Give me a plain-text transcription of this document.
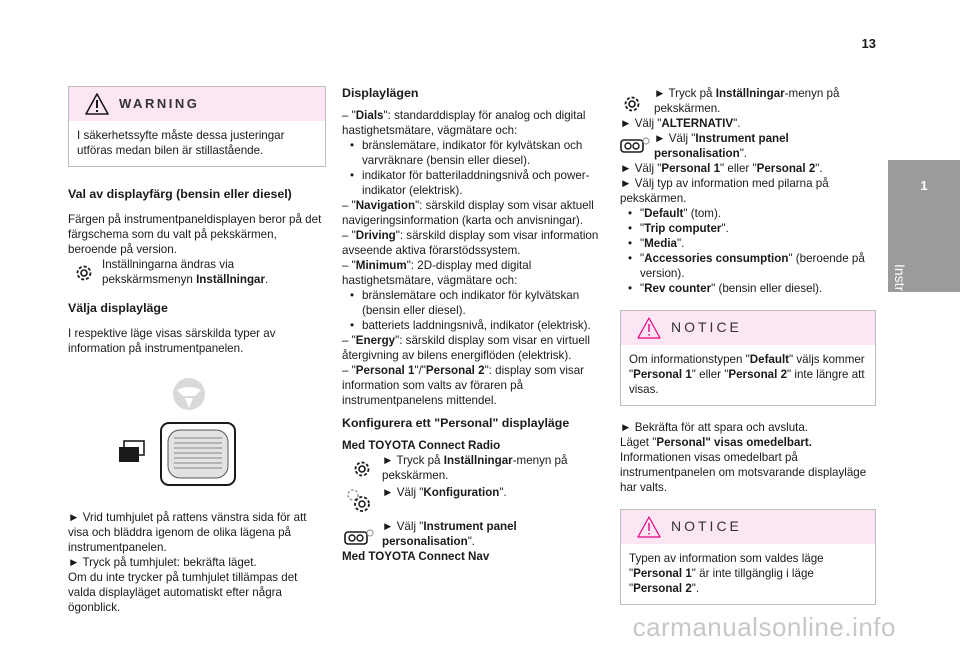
13
1
Instrument
WARNING
I säkerhetssyfte måste dessa justeringar utföras medan bilen är stillastående.
Val av displayfärg (bensin eller diesel)

Färgen på instrumentpaneldisplayen beror på det färgschema som du valt på pekskärmen, beroende på version.

Inställningarna ändras via pekskärmsmenyn Inställningar.

Välja displayläge

I respektive läge visas särskilda typer av information på instrumentpanelen.

► Vrid tumhjulet på rattens vänstra sida för att visa och bläddra igenom de olika lägena på instrumentpanelen.

► Tryck på tumhjulet: bekräfta läget.

Om du inte trycker på tumhjulet tillämpas det valda displayläget automatiskt efter några ögonblick.

Displaylägen

– "Dials": standarddisplay för analog och digital hastighetsmätare, vägmätare och:

• bränslemätare, indikator för kylvätskan och varvräknare (bensin eller diesel).
• indikator för batteriladdningsnivå och power-indikator (elektrisk).

– "Navigation": särskild display som visar aktuell navigeringsinformation (karta och anvisningar).

– "Driving": särskild display som visar information avseende aktiva förarstödssystem.

– "Minimum": 2D-display med digital hastighetsmätare, vägmätare och:

• bränslemätare och indikator för kylvätskan (bensin eller diesel).
• batteriets laddningsnivå, indikator (elektrisk).

– "Energy": särskild display som visar en virtuell återgivning av bilens energiflöden (elektrisk).

– "Personal 1"/"Personal 2": display som visar information som valts av föraren på instrumentpanelens mittendel.

Konfigurera ett "Personal" displayläge

Med TOYOTA Connect Radio

► Tryck på Inställningar-menyn på pekskärmen.

► Välj "Konfiguration".

► Välj "Instrument panel personalisation".

Med TOYOTA Connect Nav

► Tryck på Inställningar-menyn på pekskärmen.

► Välj "ALTERNATIV".

► Välj "Instrument panel personalisation".

► Välj "Personal 1" eller "Personal 2".

► Välj typ av information med pilarna på pekskärmen.

• "Default" (tom).
• "Trip computer".
• "Media".
• "Accessories consumption" (beroende på version).
• "Rev counter" (bensin eller diesel).
NOTICE
Om informationstypen "Default" väljs kommer "Personal 1" eller "Personal 2" inte längre att visas.

► Bekräfta för att spara och avsluta.

Läget "Personal" visas omedelbart.

Informationen visas omedelbart på instrumentpanelen om motsvarande displayläge har valts.

NOTICE
Typen av information som valdes läge "Personal 1" är inte tillgänglig i läge "Personal 2".
carmanualsonline.info
